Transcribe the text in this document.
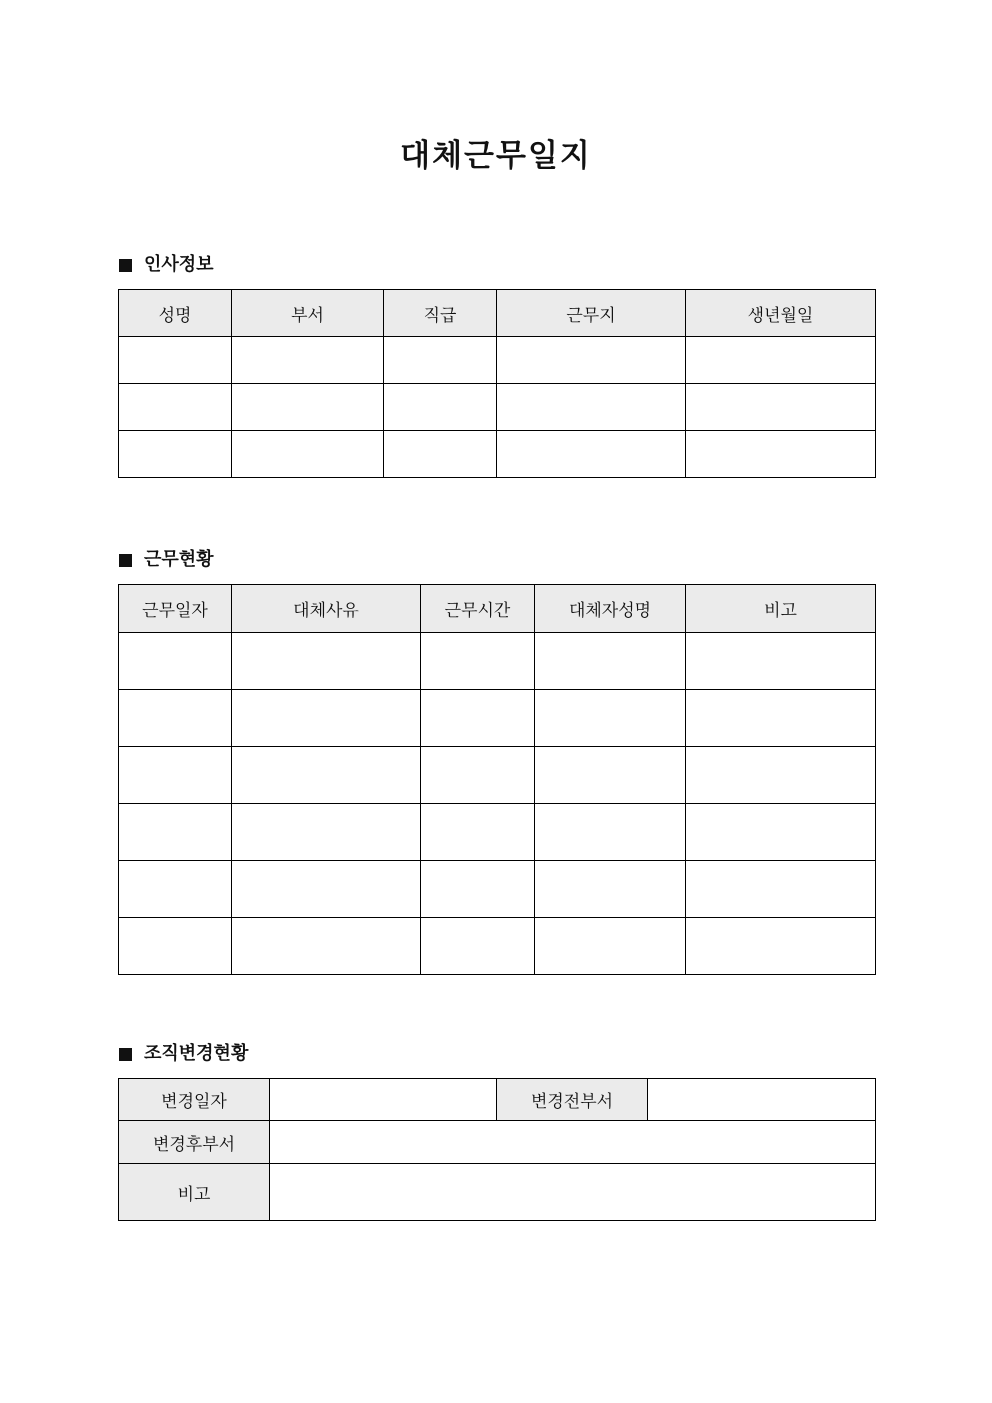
대체근무일지
인사정보
성명	부서	직급	근무지	생년월일

근무현황
근무일자	대체사유	근무시간	대체자성명	비고

조직변경현황
변경일자		변경전부서	
변경후부서			
비고			
